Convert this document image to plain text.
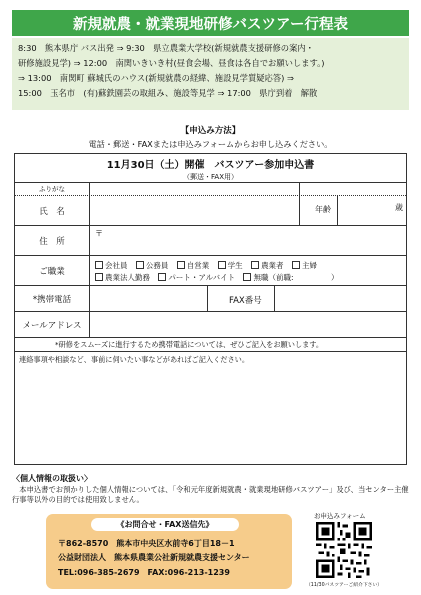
新規就農・就業現地研修バスツアー行程表
8:30　熊本県庁 バス出発 ⇒ 9:30　県立農業大学校(新規就農支援研修の案内・
研修施設見学) ⇒ 12:00　南関いきいき村(昼食会場、昼食は各自でお願いします。)
⇒ 13:00　南関町 蘇城氏のハウス(新規就農の経緯、施設見学質疑応答) ⇒
15:00　玉名市　(有)蘇鉄園芸の取組み、施設等見学 ⇒ 17:00　県庁到着　解散
【申込み方法】
電話・郵送・FAXまたは申込みフォームからお申し込みください。
11月30日（土）開催　バスツアー参加申込書
（郵送・FAX用）
ふりがな
氏　名	年齢	歳
住　所
〒
ご職業
会社員 公務員 自営業 学生 農業者 主婦
農業法人勤務 パート・アルバイト 無職（前職:　　　　　）
*携帯電話	FAX番号
メールアドレス
*研修をスムーズに進行するため携帯電話については、ぜひご記入をお願いします。
連絡事項や相談など、事前に伺いたい事などがあればご記入ください。
〈個人情報の取扱い〉
　本申込書でお預かりした個人情報については、「令和元年度新規就農・就業現地研修バスツアー」及び、当センター主催行事等以外の目的では使用致しません。
《お問合せ・FAX送信先》
〒862-8570　熊本市中央区水前寺6丁目18－1
公益財団法人　熊本県農業公社新規就農支援センター
TEL:096-385-2679　FAX:096-213-1239
お申込みフォーム
（11/30バスツアーご紹介下さい）
